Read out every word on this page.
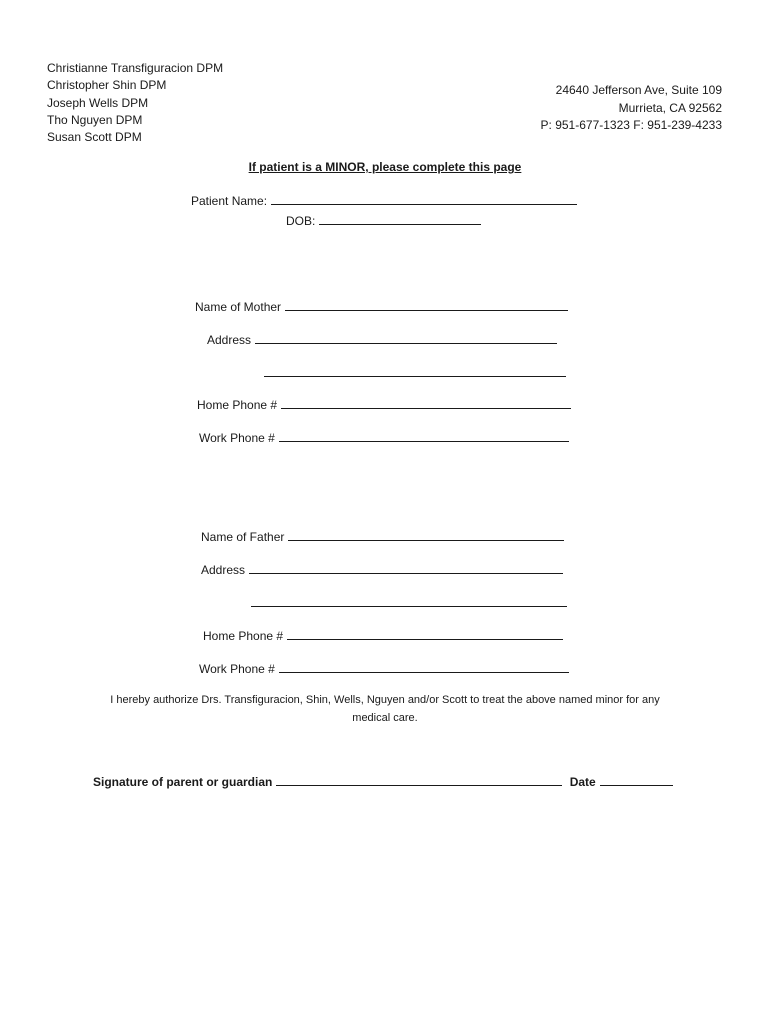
Christianne Transfiguracion DPM
Christopher Shin DPM
Joseph Wells DPM
Tho Nguyen DPM
Susan Scott DPM
24640 Jefferson Ave, Suite 109
Murrieta, CA 92562
P: 951-677-1323 F: 951-239-4233
If patient is a MINOR, please complete this page
Patient Name:
DOB:
Name of Mother
Address
Home Phone #
Work Phone #
Name of Father
Address
Home Phone #
Work Phone #
I hereby authorize Drs. Transfiguracion, Shin, Wells, Nguyen and/or Scott to treat the above named minor for any
medical care.
Signature of parent or guardian	Date
